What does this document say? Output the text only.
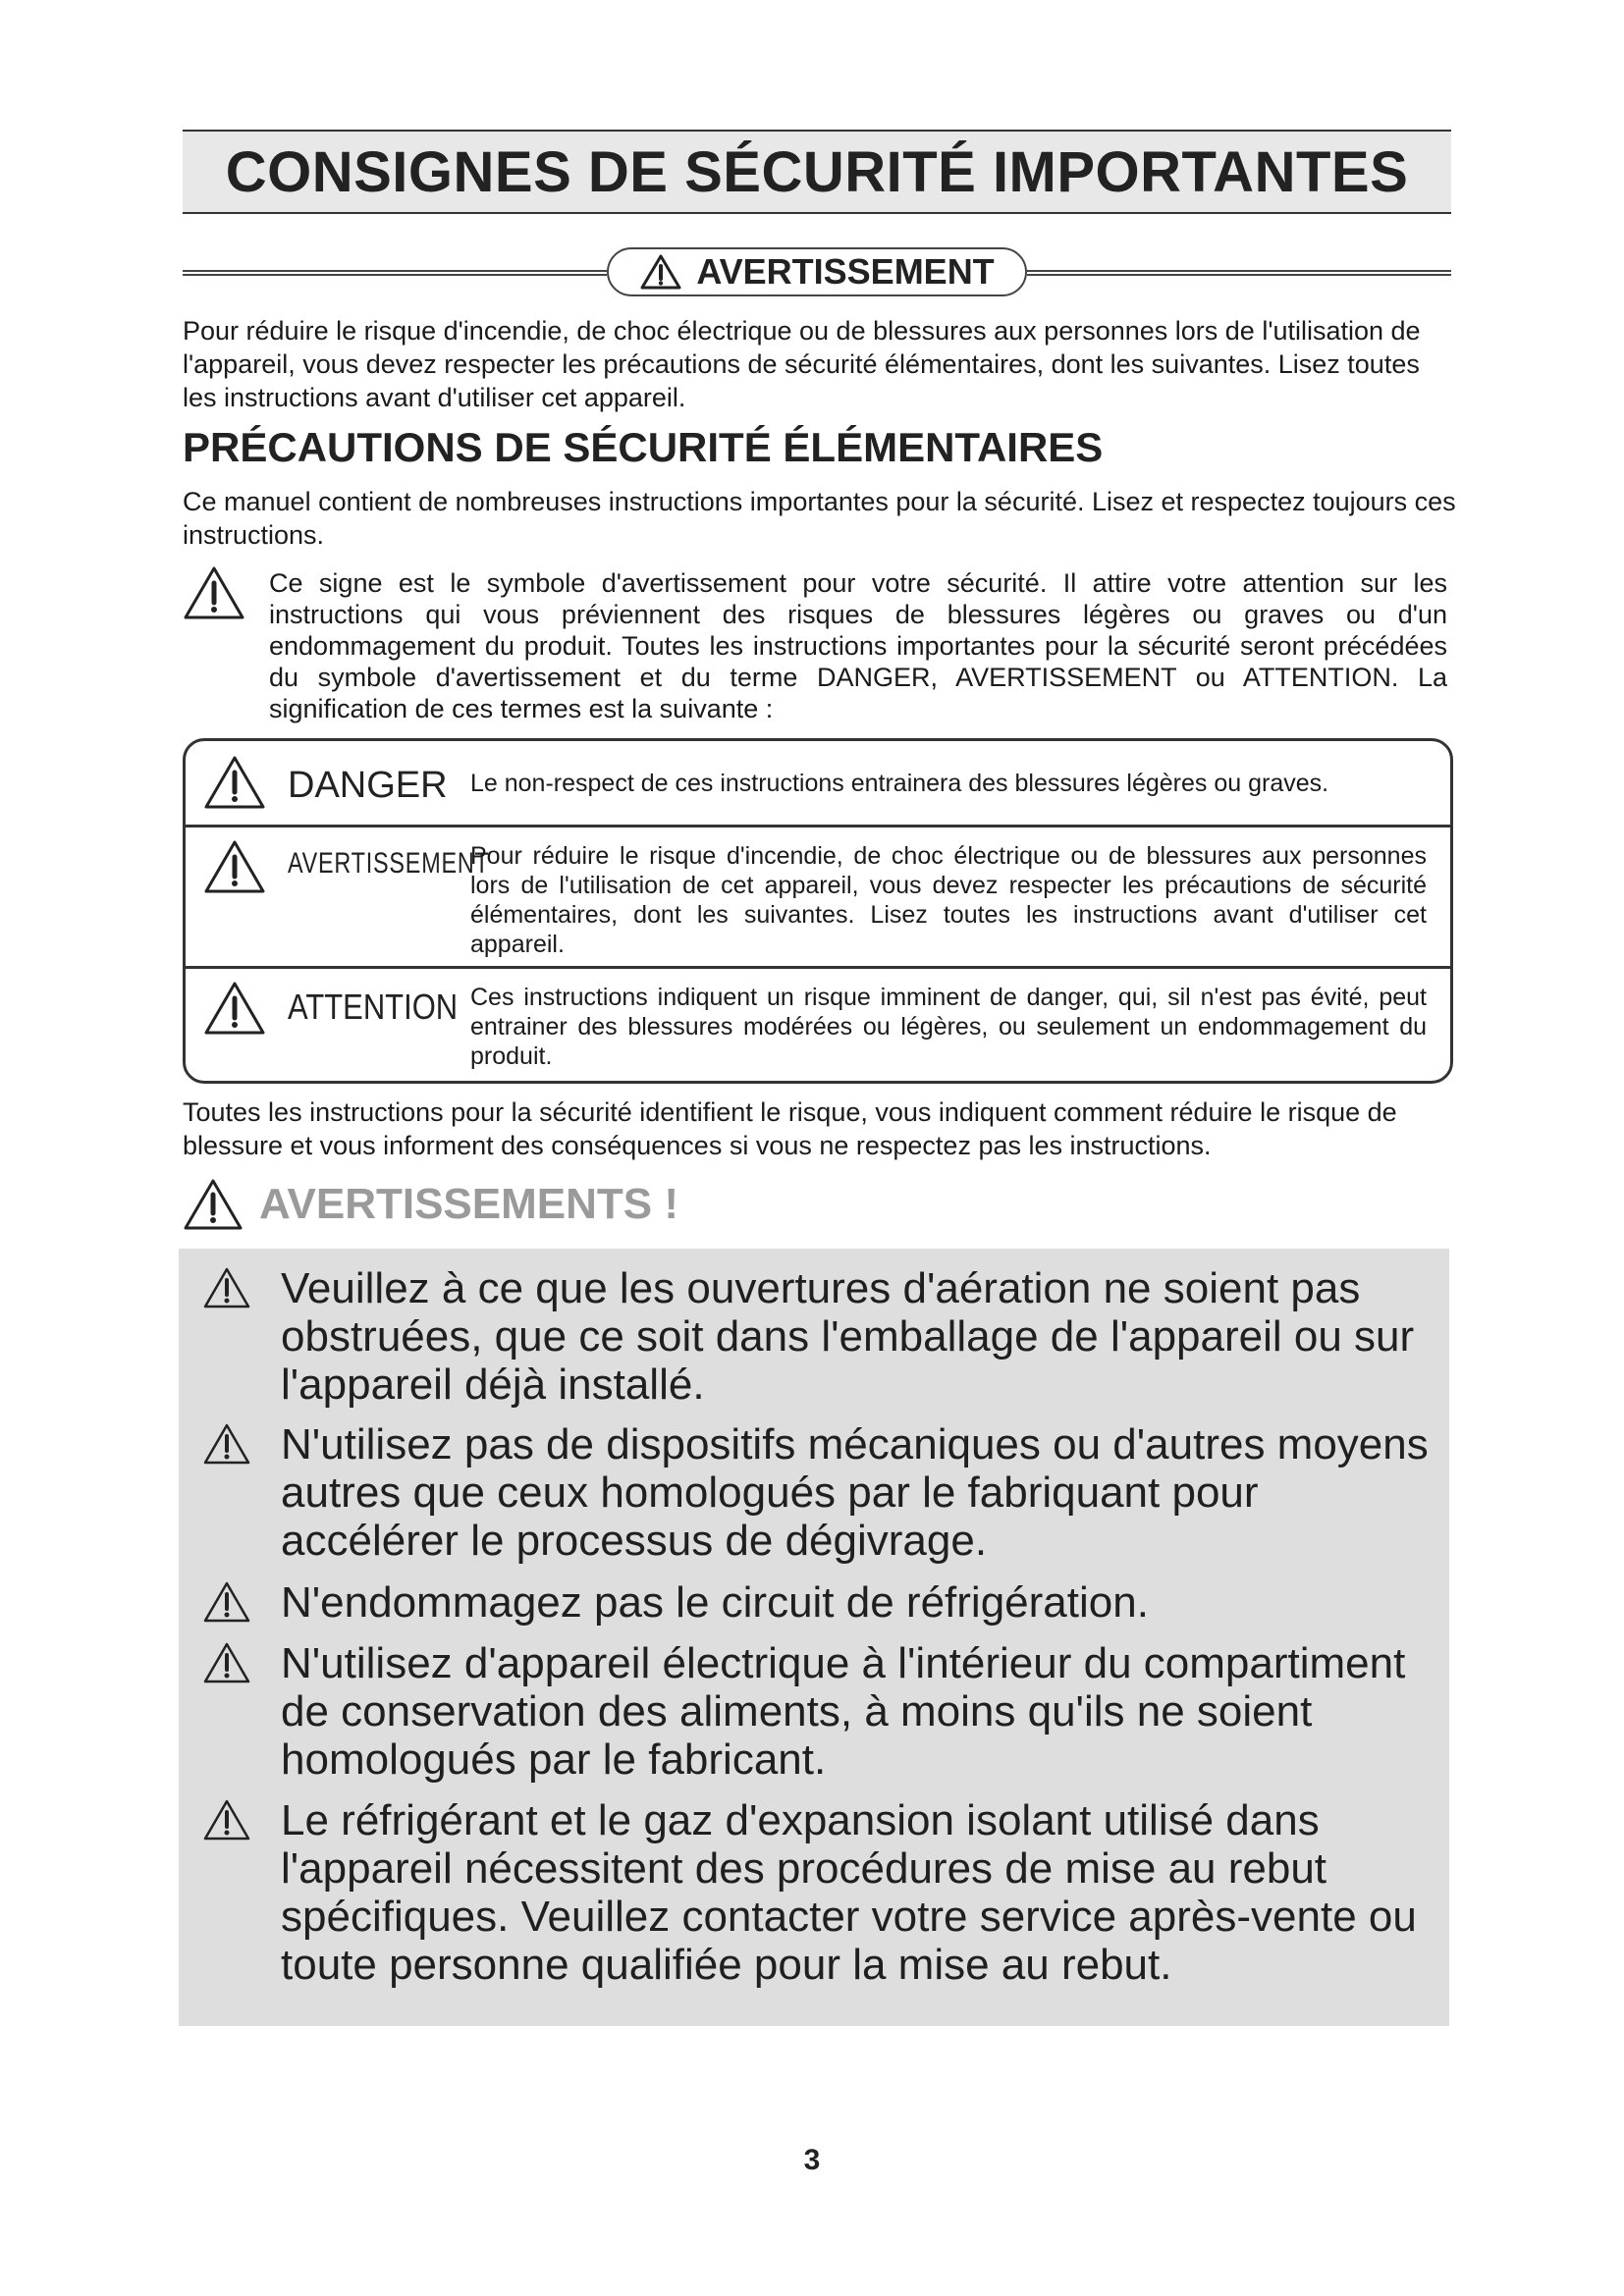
CONSIGNES DE SÉCURITÉ IMPORTANTES
AVERTISSEMENT

Pour réduire le risque d'incendie, de choc électrique ou de blessures aux personnes lors de l'utilisation de l'appareil, vous devez respecter les précautions de sécurité élémentaires, dont les suivantes. Lisez toutes les instructions avant d'utiliser cet appareil.

PRÉCAUTIONS DE SÉCURITÉ ÉLÉMENTAIRES

Ce manuel contient de nombreuses instructions importantes pour la sécurité. Lisez et respectez toujours ces instructions.

Ce signe est le symbole d'avertissement pour votre sécurité. Il attire votre attention sur les instructions qui vous préviennent des risques de blessures légères ou graves ou d'un endommagement du produit. Toutes les instructions importantes pour la sécurité seront précédées du symbole d'avertissement et du terme DANGER, AVERTISSEMENT ou ATTENTION. La signification de ces termes est la suivante :
DANGER Le non-respect de ces instructions entrainera des blessures légères ou graves.
AVERTISSEMENT
Pour réduire le risque d'incendie, de choc électrique ou de blessures aux personnes lors de l'utilisation de cet appareil, vous devez respecter les précautions de sécurité élémentaires, dont les suivantes. Lisez toutes les instructions avant d'utiliser cet appareil.
ATTENTION Ces instructions indiquent un risque imminent de danger, qui, sil n'est pas évité, peut entrainer des blessures modérées ou légères, ou seulement un endommagement du produit.

Toutes les instructions pour la sécurité identifient le risque, vous indiquent comment réduire le risque de blessure et vous informent des conséquences si vous ne respectez pas les instructions.

AVERTISSEMENTS !
Veuillez à ce que les ouvertures d'aération ne soient pas obstruées, que ce soit dans l'emballage de l'appareil ou sur l'appareil déjà installé.
N'utilisez pas de dispositifs mécaniques ou d'autres moyens autres que ceux homologués par le fabriquant pour accélérer le processus de dégivrage.
N'endommagez pas le circuit de réfrigération.
N'utilisez d'appareil électrique à l'intérieur du compartiment de conservation des aliments, à moins qu'ils ne soient homologués par le fabricant.
Le réfrigérant et le gaz d'expansion isolant utilisé dans l'appareil nécessitent des procédures de mise au rebut spécifiques. Veuillez contacter votre service après-vente ou toute personne qualifiée pour la mise au rebut.
3
